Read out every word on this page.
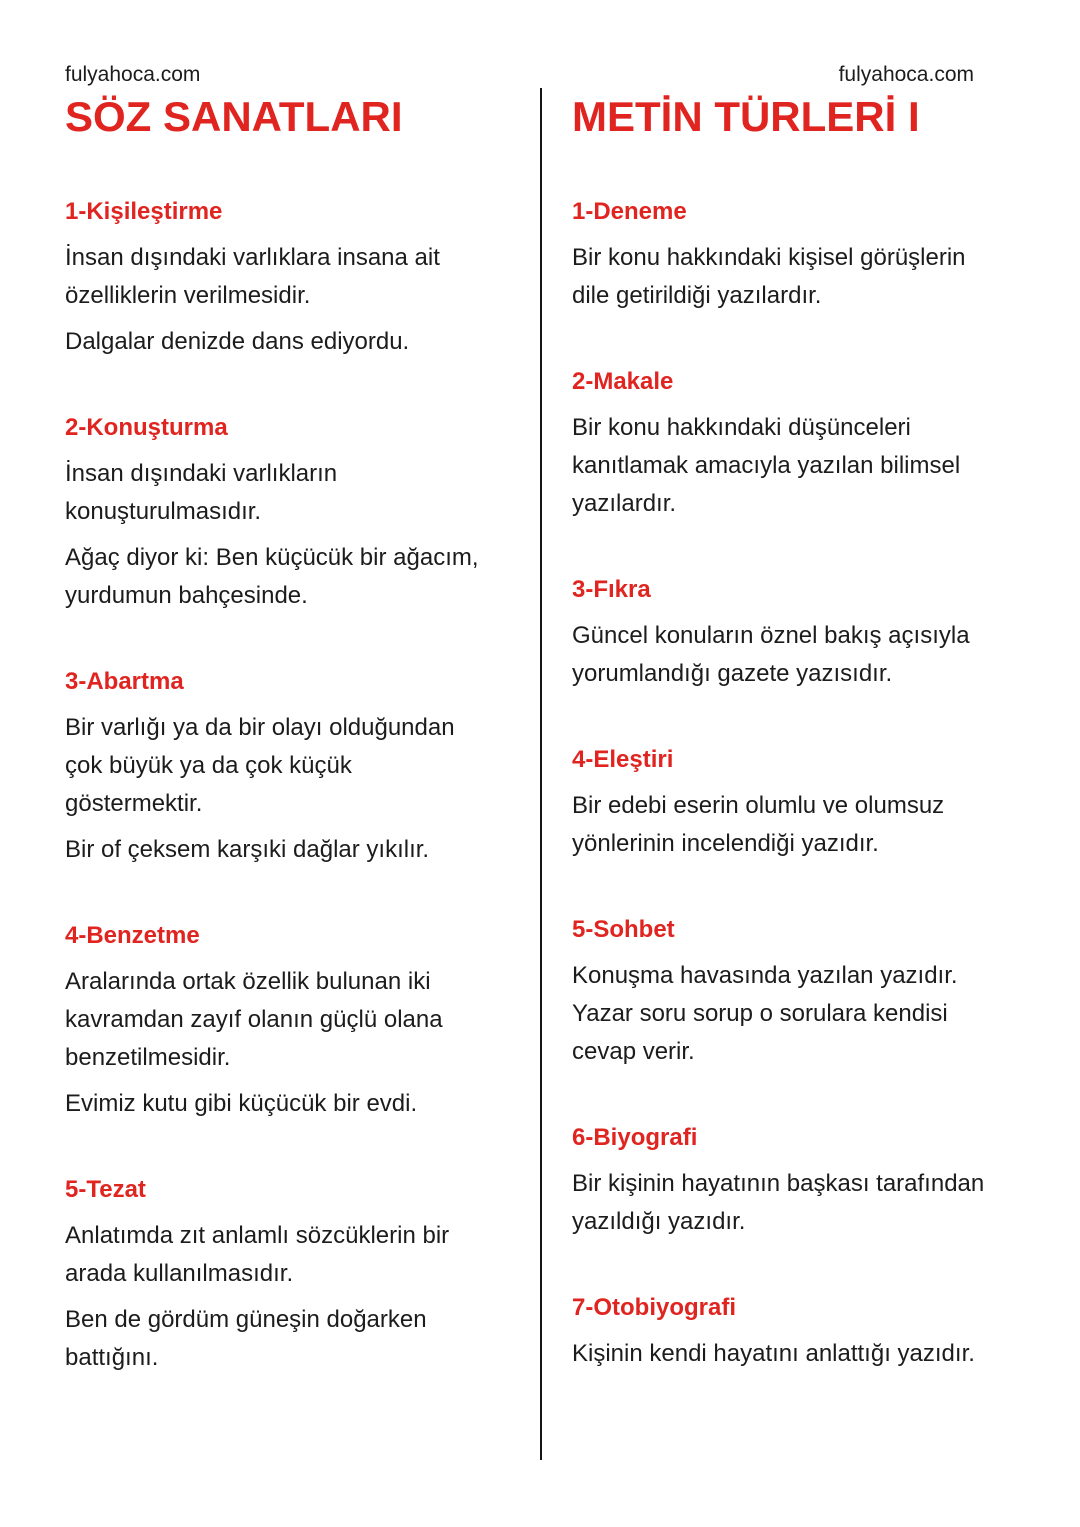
fulyahoca.com

SÖZ SANATLARI
1-Kişileştirme

İnsan dışındaki varlıklara insana ait özelliklerin verilmesidir.

Dalgalar denizde dans ediyordu.

2-Konuşturma

İnsan dışındaki varlıkların konuşturulmasıdır.

Ağaç diyor ki: Ben küçücük bir ağacım, yurdumun bahçesinde.

3-Abartma

Bir varlığı ya da bir olayı olduğundan çok büyük ya da çok küçük göstermektir.

Bir of çeksem karşıki dağlar yıkılır.

4-Benzetme

Aralarında ortak özellik bulunan iki kavramdan zayıf olanın güçlü olana benzetilmesidir.

Evimiz kutu gibi küçücük bir evdi.

5-Tezat

Anlatımda zıt anlamlı sözcüklerin bir arada kullanılmasıdır.

Ben de gördüm güneşin doğarken battığını.

fulyahoca.com

METİN TÜRLERİ I
1-Deneme

Bir konu hakkındaki kişisel görüşlerin dile getirildiği yazılardır.

2-Makale

Bir konu hakkındaki düşünceleri kanıtlamak amacıyla yazılan bilimsel yazılardır.

3-Fıkra

Güncel konuların öznel bakış açısıyla yorumlandığı gazete yazısıdır.

4-Eleştiri

Bir edebi eserin olumlu ve olumsuz yönlerinin incelendiği yazıdır.

5-Sohbet

Konuşma havasında yazılan yazıdır. Yazar soru sorup o sorulara kendisi cevap verir.

6-Biyografi

Bir kişinin hayatının başkası tarafından yazıldığı yazıdır.

7-Otobiyografi

Kişinin kendi hayatını anlattığı yazıdır.
